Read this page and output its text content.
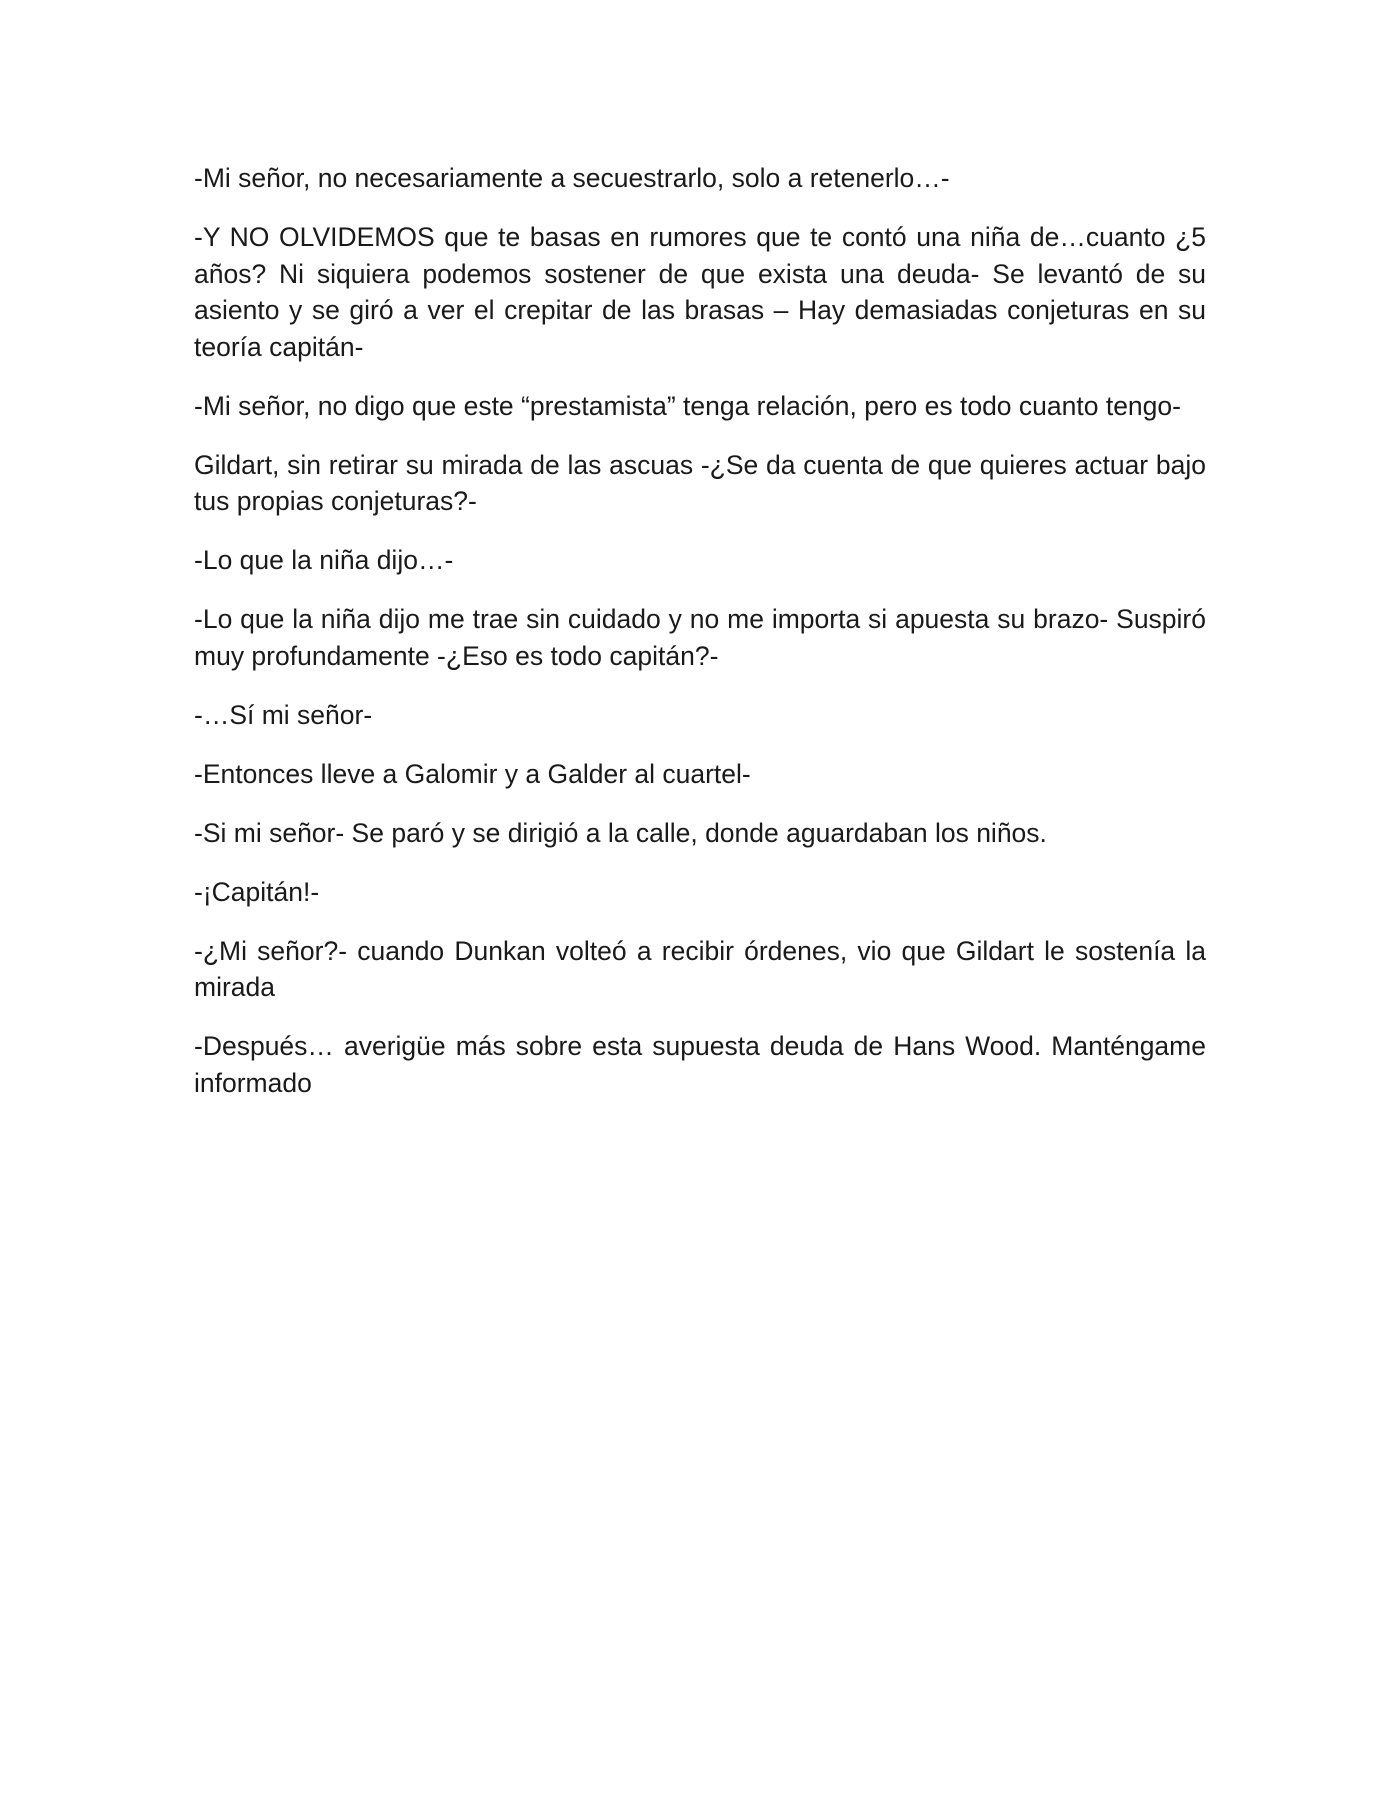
-Mi señor, no necesariamente a secuestrarlo, solo a retenerlo…-

-Y NO OLVIDEMOS que te basas en rumores que te contó una niña de…cuanto ¿5 años? Ni siquiera podemos sostener de que exista una deuda- Se levantó de su asiento y se giró a ver el crepitar de las brasas – Hay demasiadas conjeturas en su teoría capitán-

-Mi señor, no digo que este “prestamista” tenga relación, pero es todo cuanto tengo-

Gildart, sin retirar su mirada de las ascuas -¿Se da cuenta de que quieres actuar bajo tus propias conjeturas?-

-Lo que la niña dijo…-

-Lo que la niña dijo me trae sin cuidado y no me importa si apuesta su brazo- Suspiró muy profundamente -¿Eso es todo capitán?-

-…Sí mi señor-

-Entonces lleve a Galomir y a Galder al cuartel-

-Si mi señor- Se paró y se dirigió a la calle, donde aguardaban los niños.

-¡Capitán!-

-¿Mi señor?- cuando Dunkan volteó a recibir órdenes, vio que Gildart le sostenía la mirada

-Después… averigüe más sobre esta supuesta deuda de Hans Wood. Manténgame informado
